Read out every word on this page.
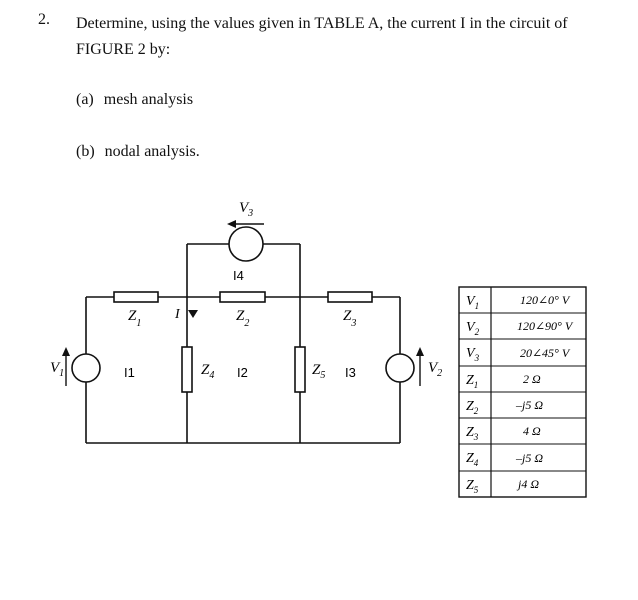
2. Determine, using the values given in TABLE A, the current I in the circuit of FIGURE 2 by:
(a) mesh analysis
(b) nodal analysis.
$V_1$	$V_2$
$V_3$
$Z_1$	$Z_2$	$Z_3$
$Z_4$	$Z_5$
I
I1	I2	I3
I4
$V_1$	120∠0° V
$V_2$	120∠90° V
$V_3$	20∠45° V
$Z_1$	2 Ω
$Z_2$	–j5 Ω
$Z_3$	4 Ω
$Z_4$	–j5 Ω
$Z_5$	j4 Ω
